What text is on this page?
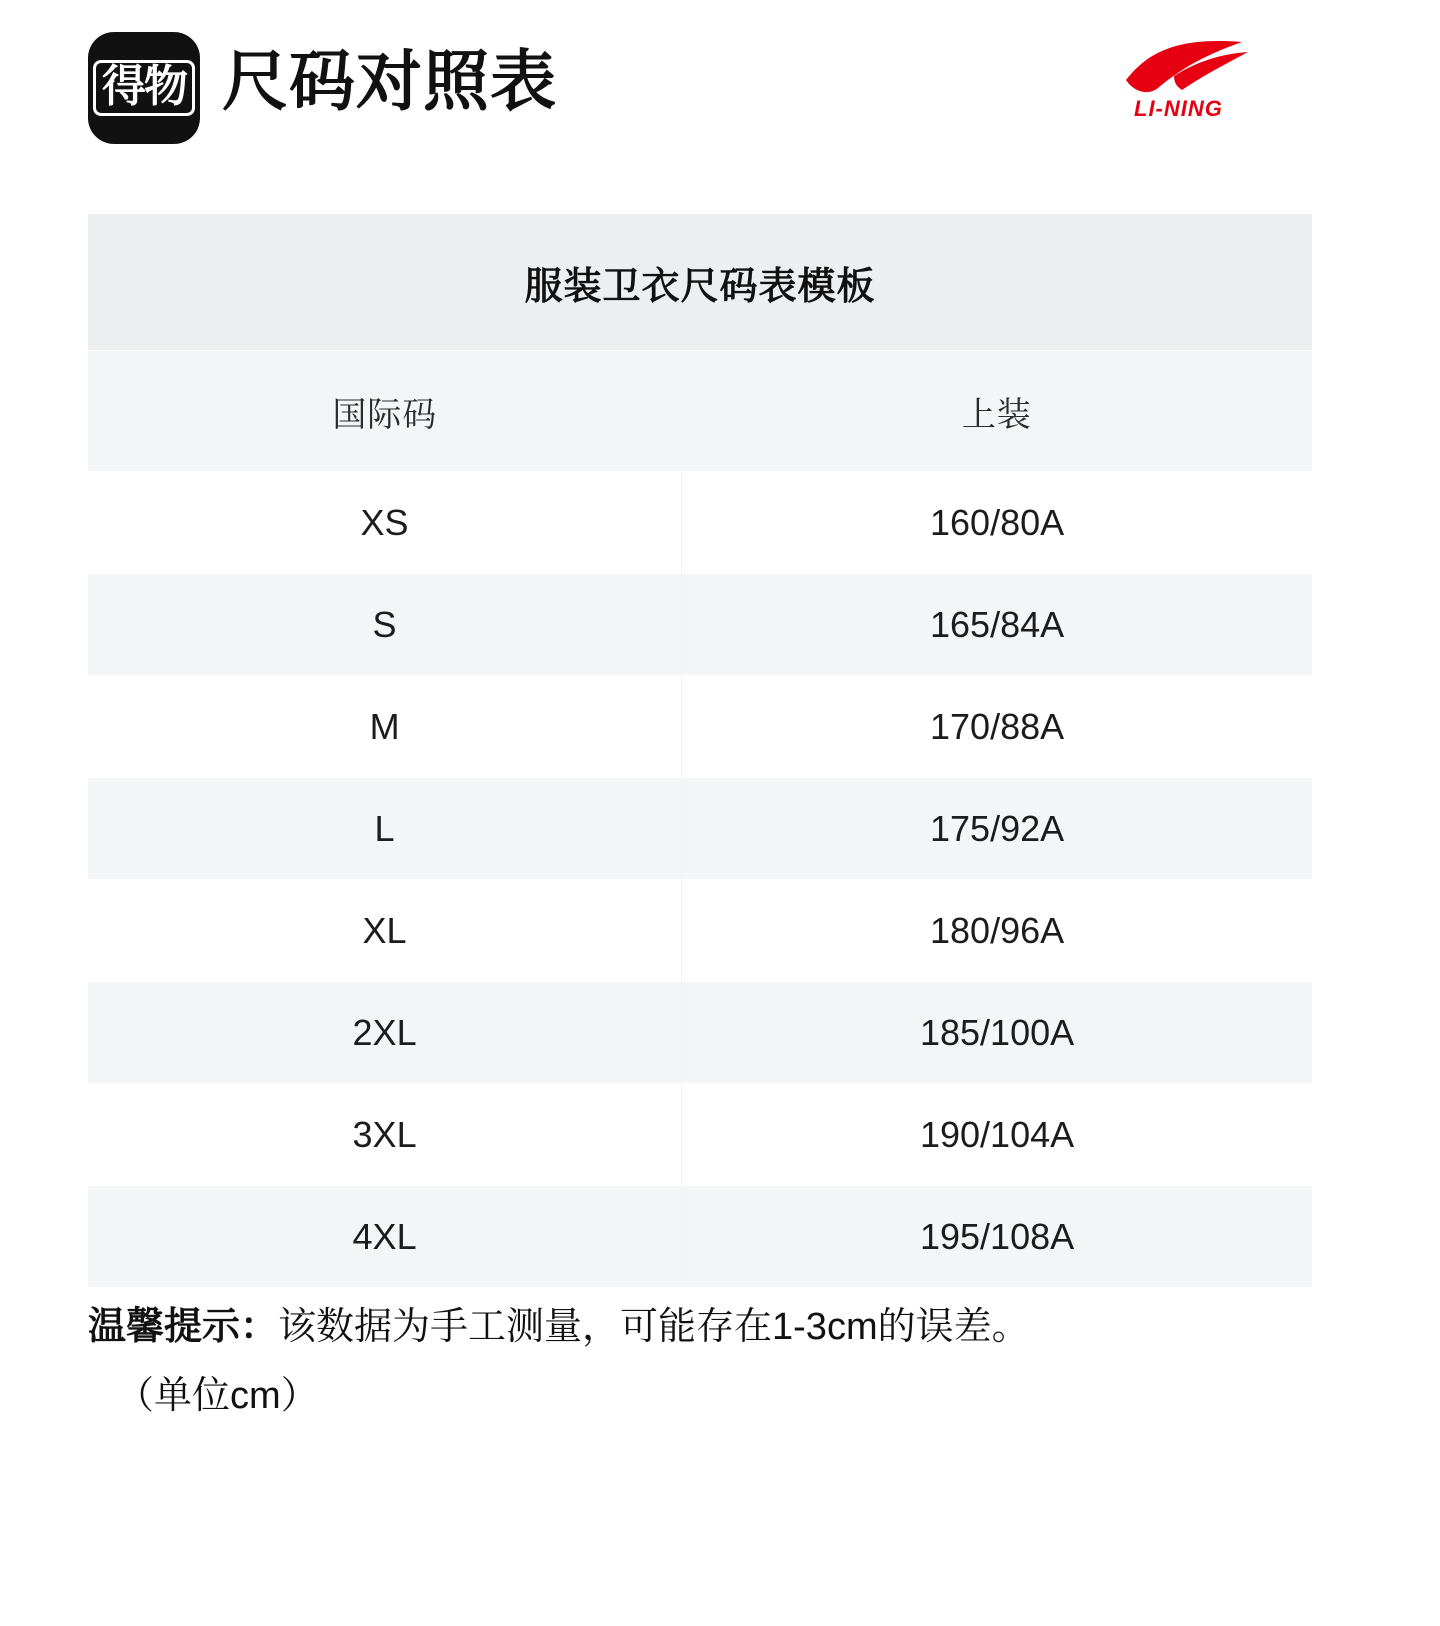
得物 尺码对照表	LI-NING
服装卫衣尺码表模板	
国际码	上装
XS	160/80A
S	165/84A
M	170/88A
L	175/92A
XL	180/96A
2XL	185/100A
3XL	190/104A
4XL	195/108A
温馨提示：该数据为手工测量，可能存在1-3cm的误差。
（单位cm）
